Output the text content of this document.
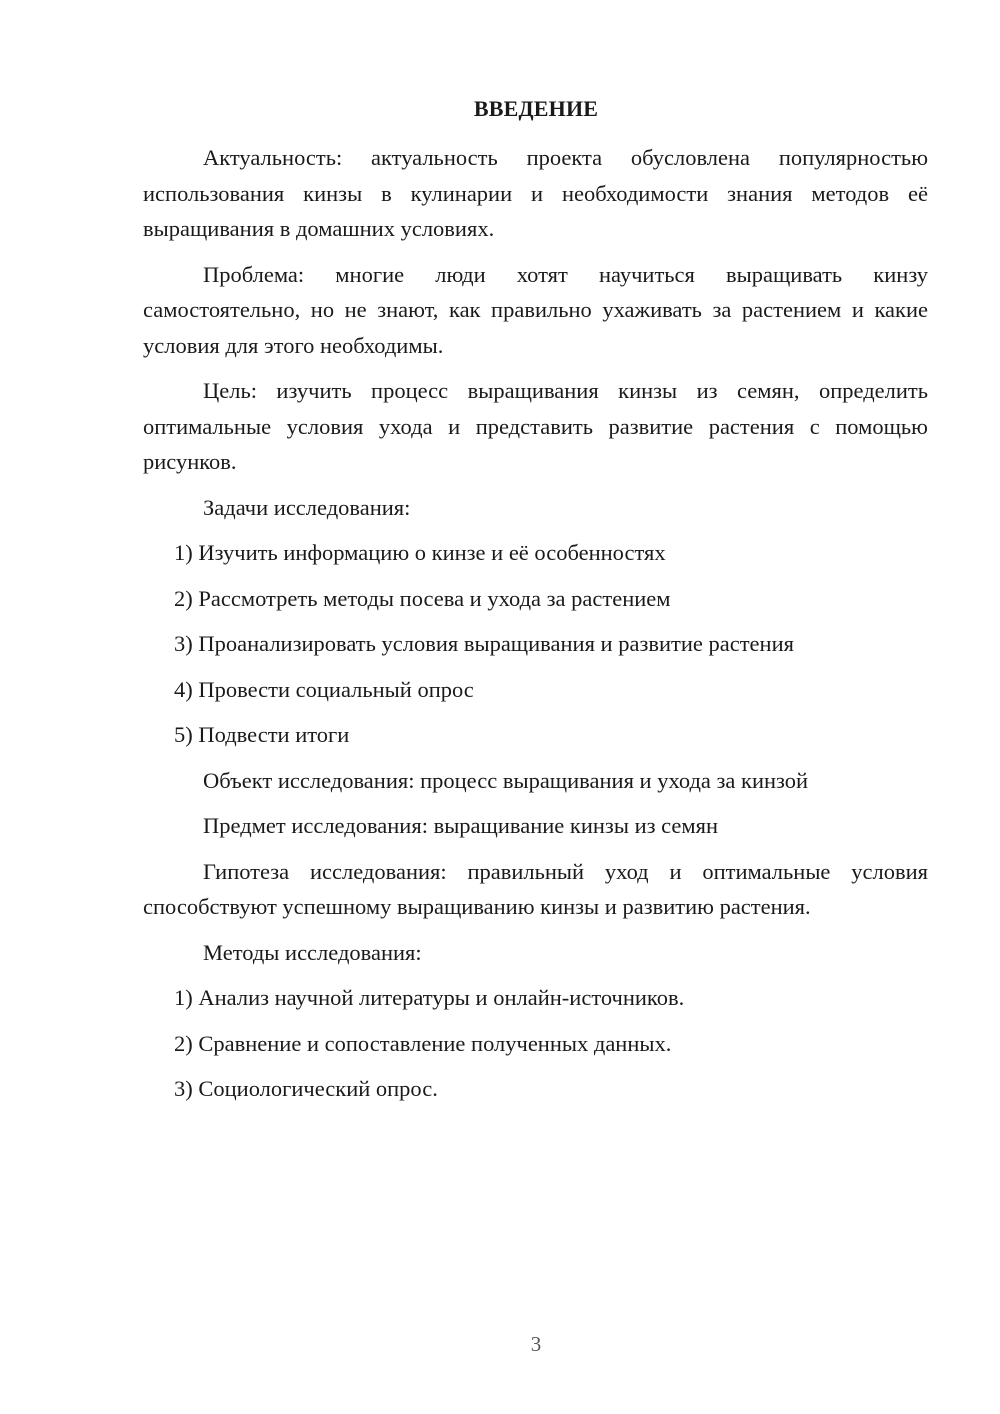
ВВЕДЕНИЕ

Актуальность: актуальность проекта обусловлена популярностью использования кинзы в кулинарии и необходимости знания методов её выращивания в домашних условиях.

Проблема: многие люди хотят научиться выращивать кинзу самостоятельно, но не знают, как правильно ухаживать за растением и какие условия для этого необходимы.

Цель: изучить процесс выращивания кинзы из семян, определить оптимальные условия ухода и представить развитие растения с помощью рисунков.

Задачи исследования:
1) Изучить информацию о кинзе и её особенностях
2) Рассмотреть методы посева и ухода за растением
3) Проанализировать условия выращивания и развитие растения
4) Провести социальный опрос
5) Подвести итоги
Объект исследования: процесс выращивания и ухода за кинзой
Предмет исследования: выращивание кинзы из семян

Гипотеза исследования: правильный уход и оптимальные условия способствуют успешному выращиванию кинзы и развитию растения.

Методы исследования:
1) Анализ научной литературы и онлайн-источников.
2) Сравнение и сопоставление полученных данных.
3) Социологический опрос.
3
